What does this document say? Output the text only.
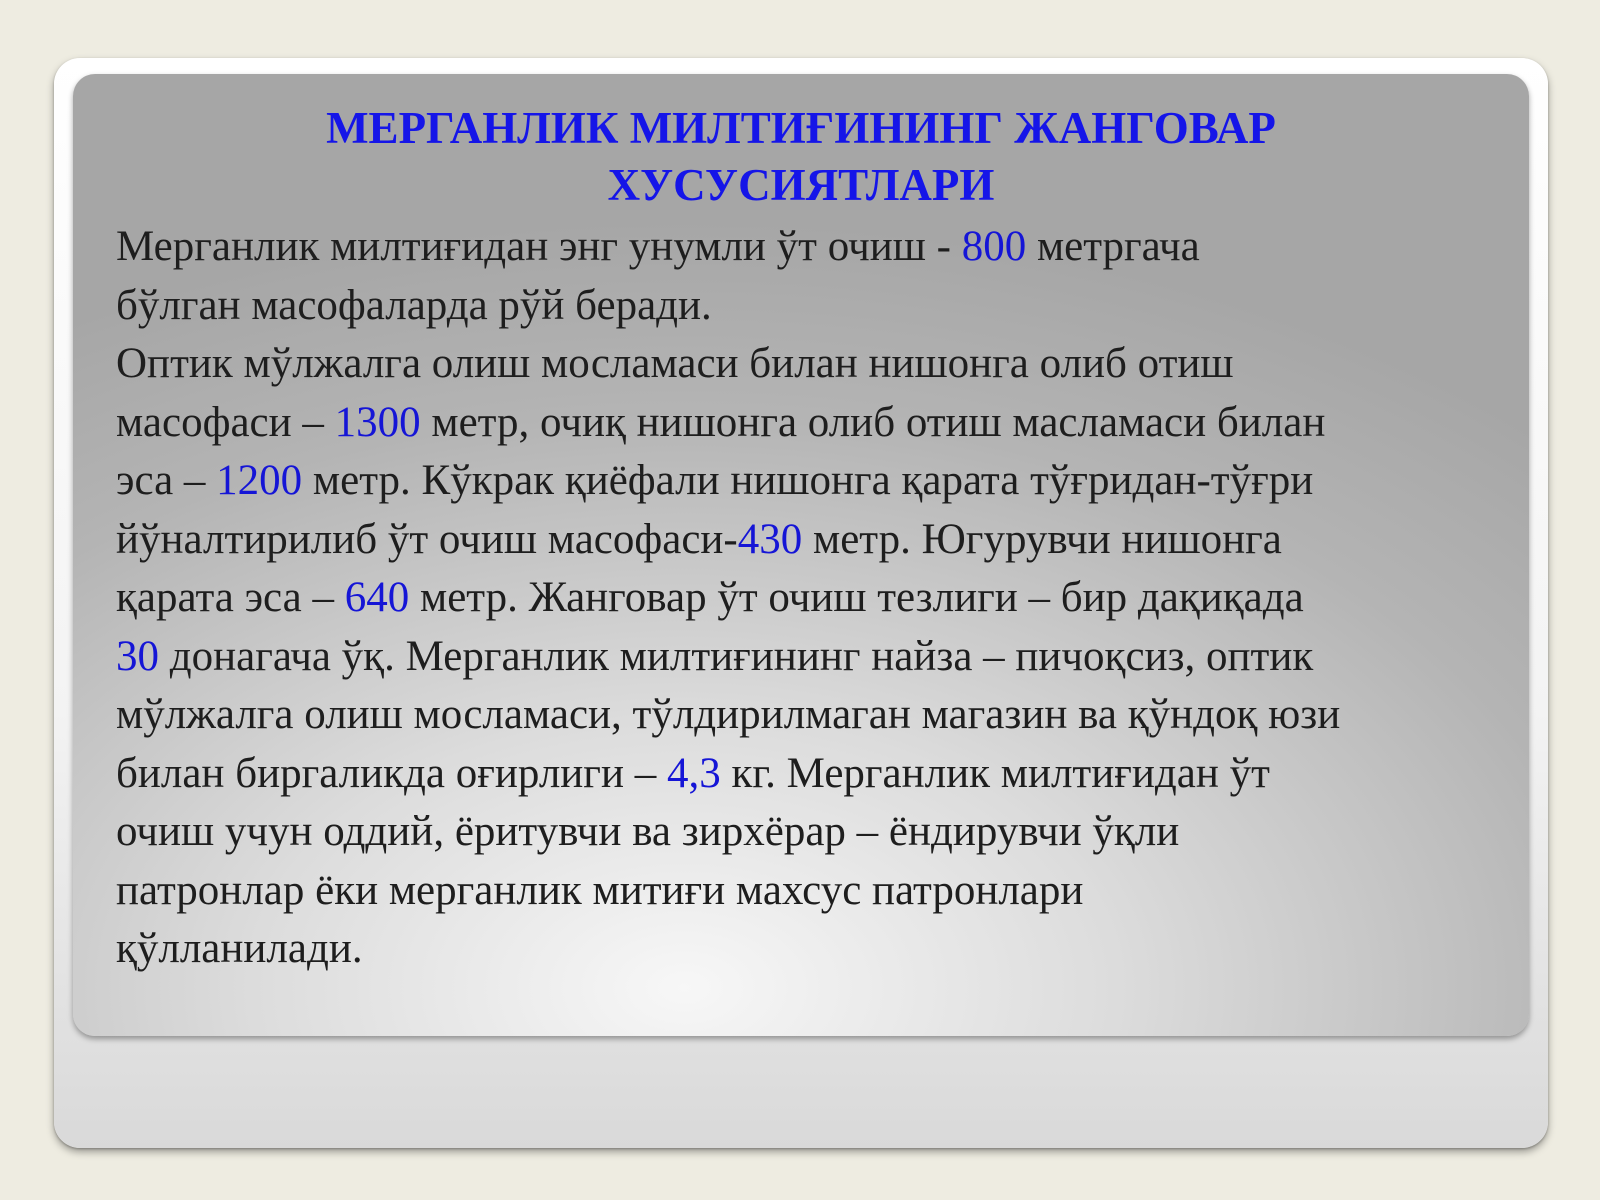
МЕРГАНЛИК МИЛТИҒИНИНГ ЖАНГОВАР
ХУСУСИЯТЛАРИ

Мерганлик милтиғидан энг унумли ўт очиш - 800 метргача
бўлган масофаларда рўй беради.
Оптик мўлжалга олиш мосламаси билан нишонга олиб отиш
масофаси – 1300 метр, очиқ нишонга олиб отиш масламаси билан
эса – 1200 метр. Кўкрак қиёфали нишонга қарата тўғридан-тўғри
йўналтирилиб ўт очиш масофаси-430 метр. Югурувчи нишонга
қарата эса – 640 метр. Жанговар ўт очиш тезлиги – бир дақиқада
30 донагача ўқ. Мерганлик милтиғининг найза – пичоқсиз, оптик
мўлжалга олиш мосламаси, тўлдирилмаган магазин ва қўндоқ юзи
билан биргаликда оғирлиги – 4,3 кг. Мерганлик милтиғидан ўт
очиш учун оддий, ёритувчи ва зирхёрар – ёндирувчи ўқли
патронлар ёки мерганлик митиғи махсус патронлари
қўлланилади.
